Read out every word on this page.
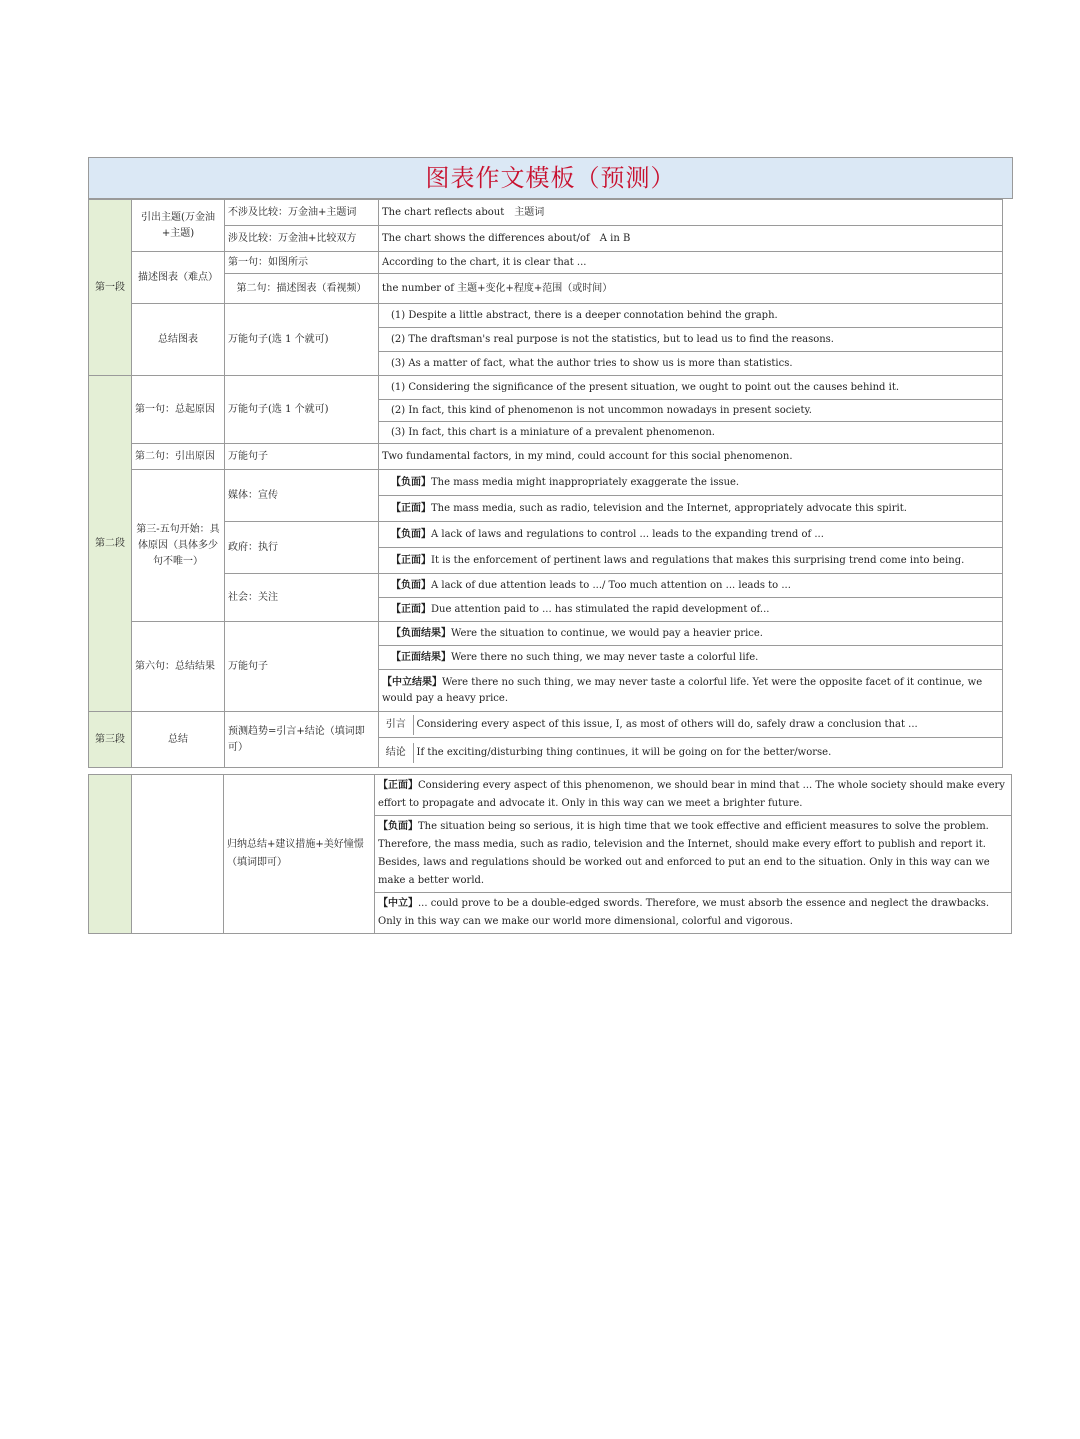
图表作文模板（预测）
第一段	引出主题(万金油+主题)	不涉及比较：万金油+主题词	The chart reflects about　主题词
涉及比较：万金油+比较双方	The chart shows the differences about/of　A in B
描述图表（难点）	第一句：如图所示	According to the chart, it is clear that ...
第二句：描述图表（看视频）	the number of 主题+变化+程度+范围（或时间）
总结图表	万能句子(选 1 个就可)	(1) Despite a little abstract, there is a deeper connotation behind the graph.
(2) The draftsman's real purpose is not the statistics, but to lead us to find the reasons.
(3) As a matter of fact, what the author tries to show us is more than statistics.
第二段	第一句：总起原因	万能句子(选 1 个就可)	(1) Considering the significance of the present situation, we ought to point out the causes behind it.
(2) In fact, this kind of phenomenon is not uncommon nowadays in present society.
(3) In fact, this chart is a miniature of a prevalent phenomenon.
第二句：引出原因	万能句子	Two fundamental factors, in my mind, could account for this social phenomenon.
第三-五句开始：具体原因（具体多少句不唯一）	媒体：宣传	【负面】The mass media might inappropriately exaggerate the issue.
【正面】The mass media, such as radio, television and the Internet, appropriately advocate this spirit.
政府：执行	【负面】A lack of laws and regulations to control ... leads to the expanding trend of ...
【正面】It is the enforcement of pertinent laws and regulations that makes this surprising trend come into being.
社会：关注	【负面】A lack of due attention leads to .../ Too much attention on ... leads to ...
【正面】Due attention paid to ... has stimulated the rapid development of...
第六句：总结结果	万能句子	【负面结果】Were the situation to continue, we would pay a heavier price.
【正面结果】Were there no such thing, we may never taste a colorful life.
【中立结果】Were there no such thing, we may never taste a colorful life. Yet were the opposite facet of it continue, we would pay a heavy price.
第三段	总结	预测趋势=引言+结论（填词即可）	
引言	Considering every aspect of this issue, I, as most of others will do, safely draw a conclusion that ...

结论	If the exciting/disturbing thing continues, it will be going on for the better/worse.
		归纳总结+建议措施+美好憧憬（填词即可）	【正面】Considering every aspect of this phenomenon, we should bear in mind that ... The whole society should make every effort to propagate and advocate it. Only in this way can we meet a brighter future.
【负面】The situation being so serious, it is high time that we took effective and efficient measures to solve the problem. Therefore, the mass media, such as radio, television and the Internet, should make every effort to publish and report it. Besides, laws and regulations should be worked out and enforced to put an end to the situation. Only in this way can we make a better world.
【中立】... could prove to be a double-edged swords. Therefore, we must absorb the essence and neglect the drawbacks. Only in this way can we make our world more dimensional, colorful and vigorous.
